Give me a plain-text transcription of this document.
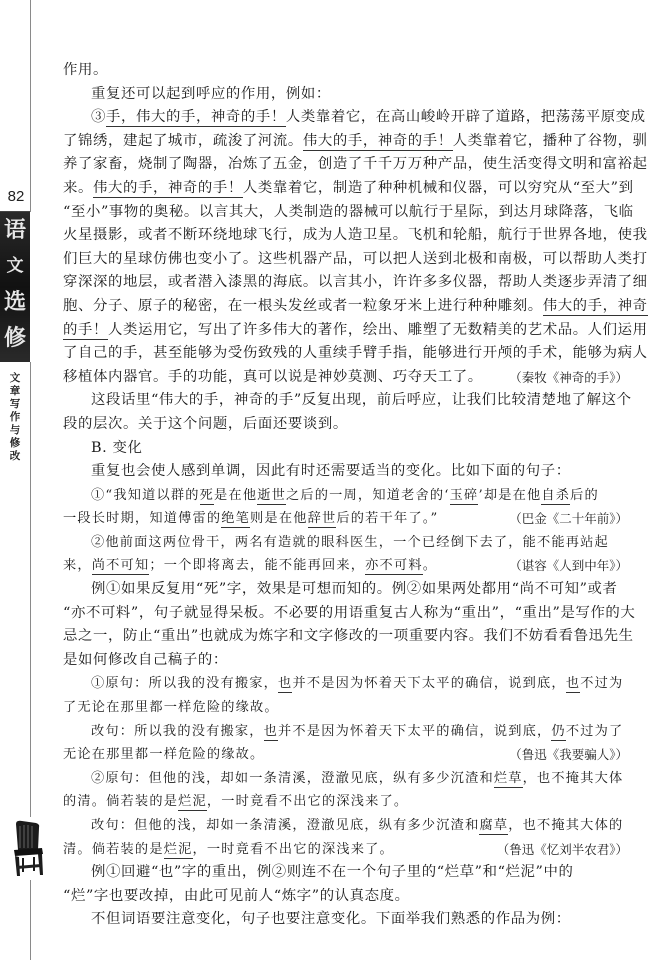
82
语
文
选
修
文
章
写
作
与
修
改
作用。
重复还可以起到呼应的作用，例如：
③手，伟大的手，神奇的手！人类靠着它，在高山峻岭开辟了道路，把荡荡平原变成
了锦绣，建起了城市，疏浚了河流。伟大的手，神奇的手！人类靠着它，播种了谷物，驯
养了家畜，烧制了陶器，冶炼了五金，创造了千千万万种产品，使生活变得文明和富裕起
来。伟大的手，神奇的手！人类靠着它，制造了种种机械和仪器，可以穷究从“至大”到
“至小”事物的奥秘。以言其大，人类制造的器械可以航行于星际，到达月球降落，飞临
火星摄影，或者不断环绕地球飞行，成为人造卫星。飞机和轮船，航行于世界各地，使我
们巨大的星球仿佛也变小了。这些机器产品，可以把人送到北极和南极，可以帮助人类打
穿深深的地层，或者潜入漆黑的海底。以言其小，许许多多仪器，帮助人类逐步弄清了细
胞、分子、原子的秘密，在一根头发丝或者一粒象牙米上进行种种雕刻。伟大的手，神奇
的手！人类运用它，写出了许多伟大的著作，绘出、雕塑了无数精美的艺术品。人们运用
了自己的手，甚至能够为受伤致残的人重续手臂手指，能够进行开颅的手术，能够为病人
移植体内器官。手的功能，真可以说是神妙莫测、巧夺天工了。 （秦牧《神奇的手》）
这段话里“伟大的手，神奇的手”反复出现，前后呼应，让我们比较清楚地了解这个
段的层次。关于这个问题，后面还要谈到。
B. 变化
重复也会使人感到单调，因此有时还需要适当的变化。比如下面的句子：
①“我知道以群的死是在他逝世之后的一周，知道老舍的‘玉碎’却是在他自杀后的
一段长时期，知道傅雷的绝笔则是在他辞世后的若干年了。”	（巴金《二十年前》）
②他前面这两位骨干，两名有造就的眼科医生，一个已经倒下去了，能不能再站起
来，尚不可知；一个即将离去，能不能再回来，亦不可料。	（谌容《人到中年》）
例①如果反复用“死”字，效果是可想而知的。例②如果两处都用“尚不可知”或者
“亦不可料”，句子就显得呆板。不必要的用语重复古人称为“重出”，“重出”是写作的大
忌之一，防止“重出”也就成为炼字和文字修改的一项重要内容。我们不妨看看鲁迅先生
是如何修改自己稿子的：
①原句：所以我的没有搬家，也并不是因为怀着天下太平的确信，说到底，也不过为
了无论在那里都一样危险的缘故。
改句：所以我的没有搬家，也并不是因为怀着天下太平的确信，说到底，仍不过为了
无论在那里都一样危险的缘故。	（鲁迅《我要骗人》）
②原句：但他的浅，却如一条清溪，澄澈见底，纵有多少沉渣和烂草，也不掩其大体
的清。倘若装的是烂泥，一时竟看不出它的深浅来了。
改句：但他的浅，却如一条清溪，澄澈见底，纵有多少沉渣和腐草，也不掩其大体的
清。倘若装的是烂泥，一时竟看不出它的深浅来了。	（鲁迅《忆刘半农君》）
例①回避“也”字的重出，例②则连不在一个句子里的“烂草”和“烂泥”中的
“烂”字也要改掉，由此可见前人“炼字”的认真态度。
不但词语要注意变化，句子也要注意变化。下面举我们熟悉的作品为例：
